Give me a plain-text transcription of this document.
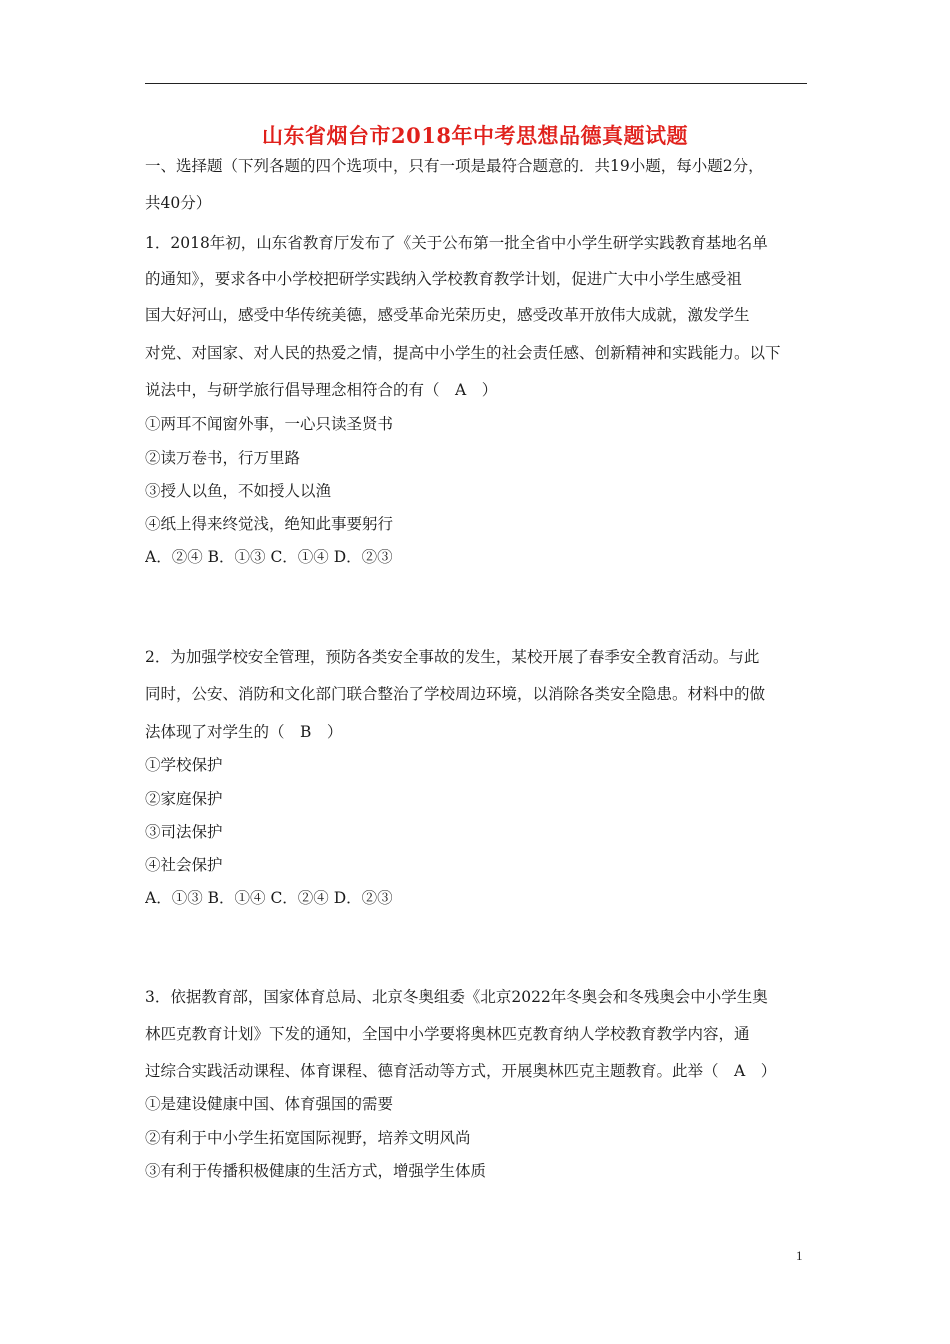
山东省烟台市2018年中考思想品德真题试题
一、选择题（下列各题的四个选项中，只有一项是最符合题意的．共19小题，每小题2分，
共40分）
1．2018年初，山东省教育厅发布了《关于公布第一批全省中小学生研学实践教育基地名单
的通知》，要求各中小学校把研学实践纳入学校教育教学计划，促进广大中小学生感受祖
国大好河山，感受中华传统美德，感受革命光荣历史，感受改革开放伟大成就，激发学生
对党、对国家、对人民的热爱之情，提高中小学生的社会责任感、创新精神和实践能力。以下
说法中，与研学旅行倡导理念相符合的有（　A　）
①两耳不闻窗外事，一心只读圣贤书
②读万卷书，行万里路
③授人以鱼，不如授人以渔
④纸上得来终觉浅，绝知此事要躬行
A．②④ B．①③ C．①④ D．②③
2．为加强学校安全管理，预防各类安全事故的发生，某校开展了春季安全教育活动。与此
同时，公安、消防和文化部门联合整治了学校周边环境，以消除各类安全隐患。材料中的做
法体现了对学生的（　B　）
①学校保护
②家庭保护
③司法保护
④社会保护
A．①③ B．①④ C．②④ D．②③
3．依据教育部，国家体育总局、北京冬奥组委《北京2022年冬奥会和冬残奥会中小学生奥
林匹克教育计划》下发的通知，全国中小学要将奥林匹克教育纳人学校教育教学内容，通
过综合实践活动课程、体育课程、德育活动等方式，开展奥林匹克主题教育。此举（　A　）
①是建设健康中国、体育强国的需要
②有利于中小学生拓宽国际视野，培养文明风尚
③有利于传播积极健康的生活方式，增强学生体质
1
